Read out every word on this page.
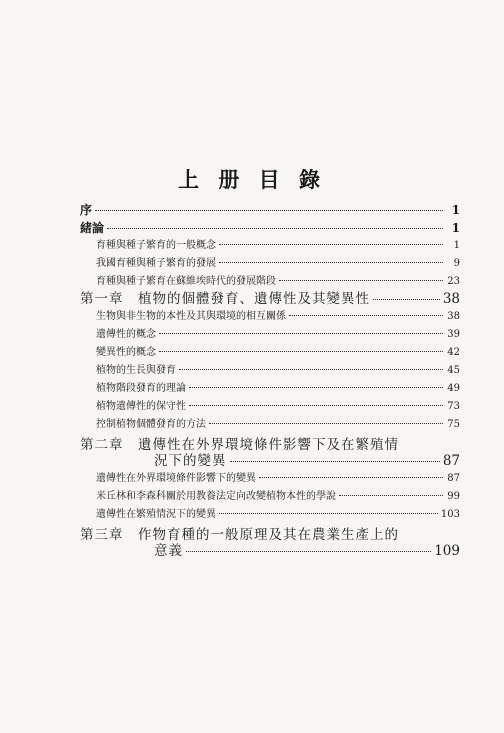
上 册 目 錄
序	1
緒論	1
育種與種子繁育的一般概念	1
我國育種與種子繁育的發展	9
育種與種子繁育在蘇維埃時代的發展階段	23
第一章　植物的個體發育、遺傳性及其變異性	38
生物與非生物的本性及其與環境的相互關係	38
遺傳性的概念	39
變異性的概念	42
植物的生長與發育	45
植物階段發育的理論	49
植物遺傳性的保守性	73
控制植物個體發育的方法	75
第二章　遺傳性在外界環境條件影響下及在繁殖情
況下的變異	87
遺傳性在外界環境條件影響下的變異	87
米丘林和李森科關於用教養法定向改變植物本性的學說	99
遺傳性在繁殖情況下的變異	103
第三章　作物育種的一般原理及其在農業生產上的
意義	109
